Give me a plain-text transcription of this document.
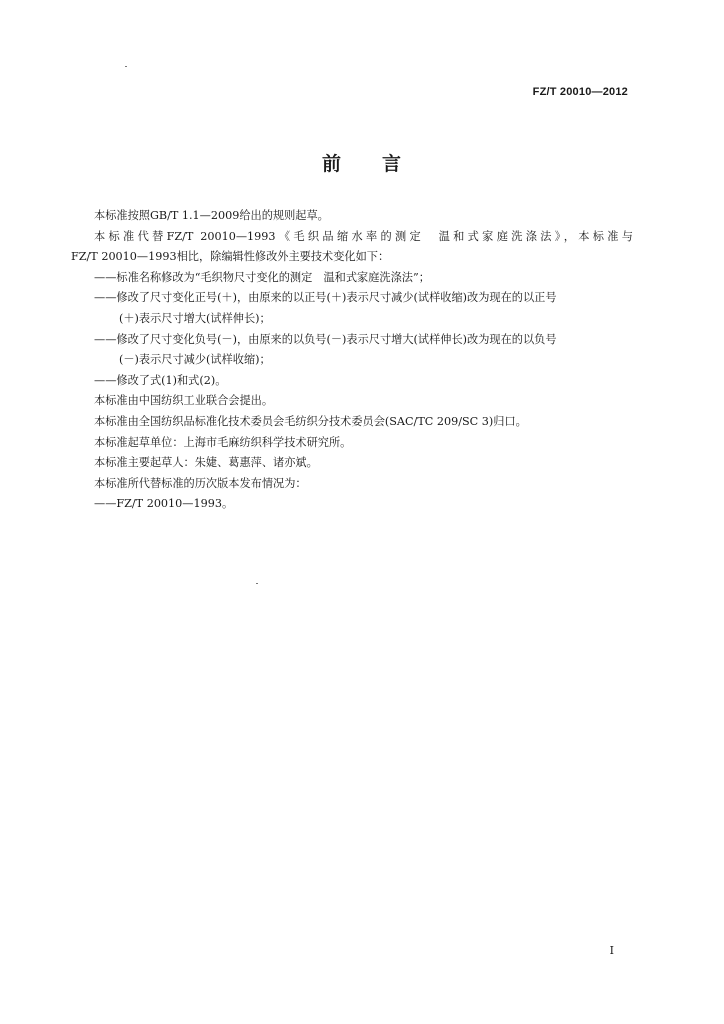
FZ/T 20010—2012
前 言

本标准按照GB/T 1.1—2009给出的规则起草。

本标准代替FZ/T 20010—1993《毛织品缩水率的测定　温和式家庭洗涤法》，本标准与

FZ/T 20010—1993相比，除编辑性修改外主要技术变化如下：

——标准名称修改为“毛织物尺寸变化的测定　温和式家庭洗涤法”；

——修改了尺寸变化正号(＋)，由原来的以正号(＋)表示尺寸减少(试样收缩)改为现在的以正号

(＋)表示尺寸增大(试样伸长)；

——修改了尺寸变化负号(－)，由原来的以负号(－)表示尺寸增大(试样伸长)改为现在的以负号

(－)表示尺寸减少(试样收缩)；

——修改了式(1)和式(2)。

本标准由中国纺织工业联合会提出。

本标准由全国纺织品标准化技术委员会毛纺织分技术委员会(SAC/TC 209/SC 3)归口。

本标准起草单位：上海市毛麻纺织科学技术研究所。

本标准主要起草人：朱婕、葛惠萍、诸亦斌。

本标准所代替标准的历次版本发布情况为：

——FZ/T 20010—1993。

I
